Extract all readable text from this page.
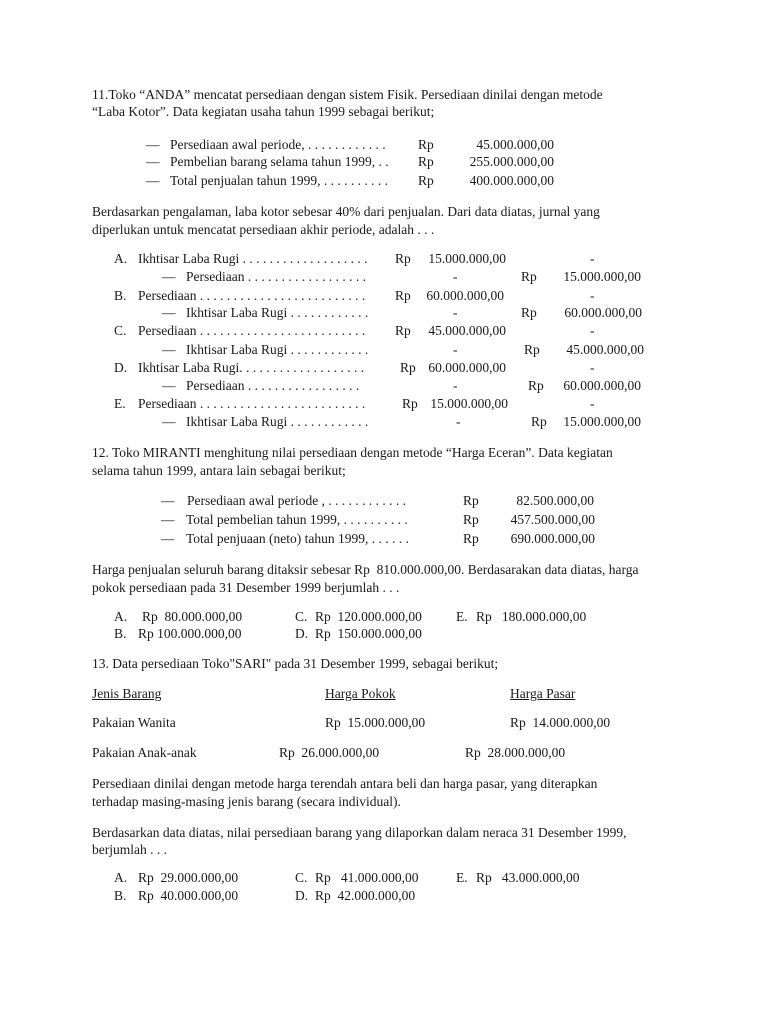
11.Toko “ANDA” mencatat persediaan dengan sistem Fisik. Persediaan dinilai dengan metode
“Laba Kotor”. Data kegiatan usaha tahun 1999 sebagai berikut;
— Persediaan awal periode, . . . . . . . . . . . . Rp	45.000.000,00
— Pembelian barang selama tahun 1999, . . Rp	255.000.000,00
— Total penjualan tahun 1999, . . . . . . . . . . Rp	400.000.000,00
Berdasarkan pengalaman, laba kotor sebesar 40% dari penjualan. Dari data diatas, jurnal yang
diperlukan untuk mencatat persediaan akhir periode, adalah . . .
A. Ikhtisar Laba Rugi . . . . . . . . . . . . . . . . . . . Rp	15.000.000,00	-
— Persediaan . . . . . . . . . . . . . . . . . .	-	Rp	15.000.000,00
B. Persediaan . . . . . . . . . . . . . . . . . . . . . . . . . Rp	60.000.000,00	-
— Ikhtisar Laba Rugi . . . . . . . . . . . .	-	Rp	60.000.000,00
C. Persediaan . . . . . . . . . . . . . . . . . . . . . . . . . Rp	45.000.000,00	-
— Ikhtisar Laba Rugi . . . . . . . . . . . .	-	Rp	45.000.000,00
D. Ikhtisar Laba Rugi. . . . . . . . . . . . . . . . . . .	Rp 60.000.000,00	-
— Persediaan . . . . . . . . . . . . . . . . .	-	Rp	60.000.000,00
E. Persediaan . . . . . . . . . . . . . . . . . . . . . . . . .	Rp 15.000.000,00	-
— Ikhtisar Laba Rugi . . . . . . . . . . . .	-	Rp	15.000.000,00
12. Toko MIRANTI menghitung nilai persediaan dengan metode “Harga Eceran”. Data kegiatan
selama tahun 1999, antara lain sebagai berikut;
— Persediaan awal periode , . . . . . . . . . . . .	Rp	82.500.000,00
— Total pembelian tahun 1999, . . . . . . . . . .	Rp	457.500.000,00
— Total penjuaan (neto) tahun 1999, . . . . . .	Rp	690.000.000,00
Harga penjualan seluruh barang ditaksir sebesar Rp  810.000.000,00. Berdasarakan data diatas, harga
pokok persediaan pada 31 Desember 1999 berjumlah . . .
A. Rp  80.000.000,00
B. Rp 100.000.000,00
C. Rp  120.000.000,00
D. Rp  150.000.000,00
E. Rp   180.000.000,00
13. Data persediaan Toko"SARI" pada 31 Desember 1999, sebagai berikut;
Jenis Barang	Harga Pokok	Harga Pasar
Pakaian Wanita	Rp  15.000.000,00	Rp  14.000.000,00
Pakaian Anak-anak	Rp  26.000.000,00	Rp  28.000.000,00
Persediaan dinilai dengan metode harga terendah antara beli dan harga pasar, yang diterapkan
terhadap masing-masing jenis barang (secara individual).
Berdasarkan data diatas, nilai persediaan barang yang dilaporkan dalam neraca 31 Desember 1999,
berjumlah . . .
A. Rp  29.000.000,00
B. Rp  40.000.000,00
C. Rp   41.000.000,00
D. Rp  42.000.000,00
E. Rp   43.000.000,00
